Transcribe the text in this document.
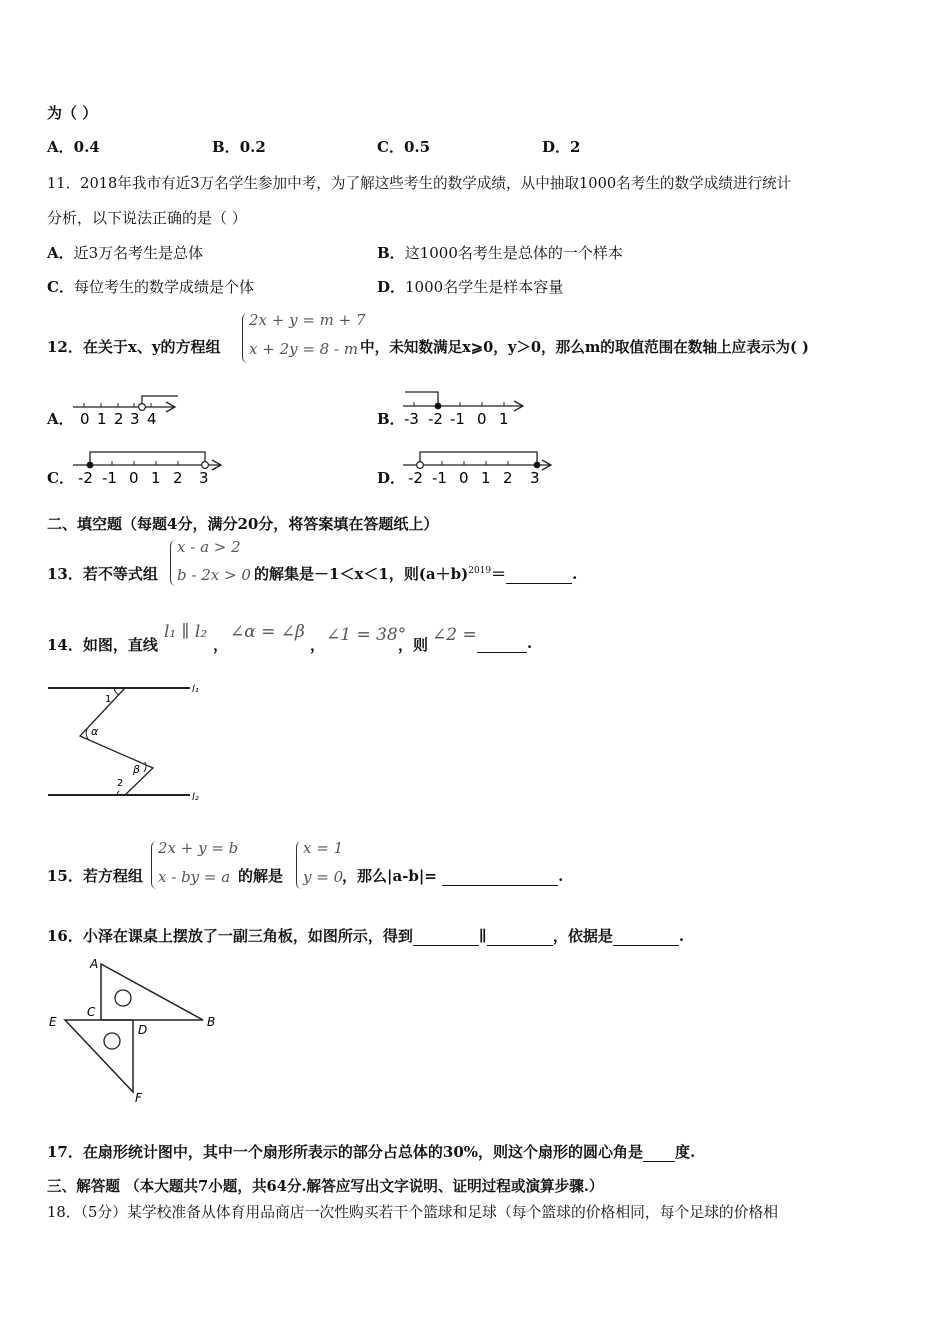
为（ ）
A．0.4	B．0.2	C．0.5	D．2
11．2018年我市有近3万名学生参加中考，为了解这些考生的数学成绩，从中抽取1000名考生的数学成绩进行统计
分析，以下说法正确的是（ ）
A．近3万名考生是总体	B．这1000名考生是总体的一个样本
C．每位考生的数学成绩是个体	D．1000名学生是样本容量
12．在关于x、y的方程组
2x + y = m + 7
x + 2y = 8 - m 中，未知数满足x⩾0，y＞0，那么m的取值范围在数轴上应表示为( )
A． 0 1 2 3 4	B． -3 -2 -1 0 1
C． -2 -1 0 1 2 3	D． -2 -1 0 1 2 3
二、填空题（每题4分，满分20分，将答案填在答题纸上）
13．若不等式组
x - a > 2
b - 2x > 0 的解集是－1＜x＜1，则$(a+b)^{2019}=$	.
14．如图，直线
l₁ ∥ l₂
，
∠α = ∠β
， ∠1 = 38°
，则 ∠2 =	.
l₁
l₂
1
α
β
2
15．若方程组
2x + y = b
x - by = a 的解是
x = 1
y = 0
，那么|a-b|=	.
16．小泽在课桌上摆放了一副三角板，如图所示，得到	∥	，依据是	.
A
B
C
D
E
F
17．在扇形统计图中，其中一个扇形所表示的部分占总体的30%，则这个扇形的圆心角是 度.
三、解答题 （本大题共7小题，共64分.解答应写出文字说明、证明过程或演算步骤.）
18．（5分）某学校准备从体育用品商店一次性购买若干个篮球和足球（每个篮球的价格相同，每个足球的价格相
